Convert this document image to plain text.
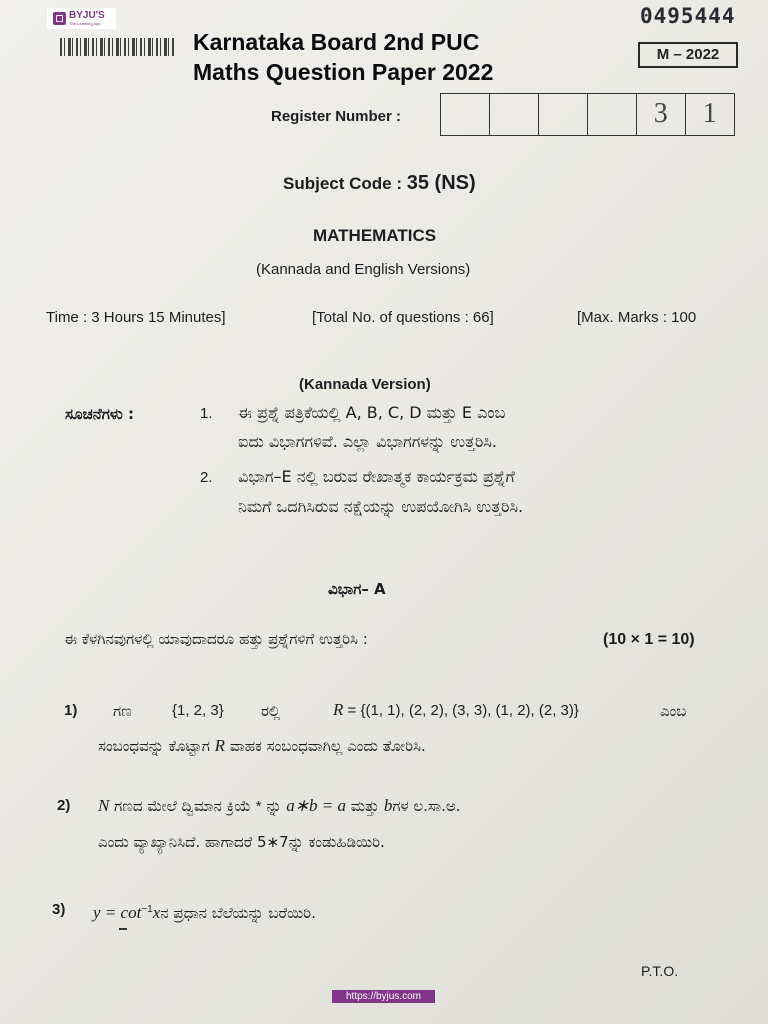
BYJU'S
The Learning App
Karnataka Board 2nd PUC
Maths Question Paper 2022
0495444
M – 2022
Register Number :	3	1
Subject Code : 35 (NS)
MATHEMATICS
(Kannada and English Versions)
Time : 3 Hours 15 Minutes]	[Total No. of questions : 66]	[Max. Marks : 100
(Kannada Version)
ಸೂಚನೆಗಳು :	1. ಈ ಪ್ರಶ್ನೆ ಪತ್ರಿಕೆಯಲ್ಲಿ A, B, C, D ಮತ್ತು E ಎಂಬ
ಐದು ವಿಭಾಗಗಳಿವೆ. ಎಲ್ಲಾ ವಿಭಾಗಗಳನ್ನು ಉತ್ತರಿಸಿ.
2. ವಿಭಾಗ–E ನಲ್ಲಿ ಬರುವ ರೇಖಾತ್ಮಕ ಕಾರ್ಯಕ್ರಮ ಪ್ರಶ್ನೆಗೆ
ನಿಮಗೆ ಒದಗಿಸಿರುವ ನಕ್ಷೆಯನ್ನು ಉಪಯೋಗಿಸಿ ಉತ್ತರಿಸಿ.
ವಿಭಾಗ– A
ಈ ಕೆಳಗಿನವುಗಳಲ್ಲಿ ಯಾವುದಾದರೂ ಹತ್ತು ಪ್ರಶ್ನೆಗಳಿಗೆ ಉತ್ತರಿಸಿ :	(10 × 1 = 10)
1) ಗಣ	{1, 2, 3} ರಲ್ಲಿ	R = {(1, 1), (2, 2), (3, 3), (1, 2), (2, 3)}	ಎಂಬ
ಸಂಬಂಧವನ್ನು ಕೊಟ್ಟಾಗ R ವಾಹಕ ಸಂಬಂಧವಾಗಿಲ್ಲ ಎಂದು ತೋರಿಸಿ.
2) N ಗಣದ ಮೇಲೆ ದ್ವಿಮಾನ ಕ್ರಿಯೆ * ನ್ನು a∗b = a ಮತ್ತು bಗಳ ಲ.ಸಾ.ಅ.
ಎಂದು ವ್ಯಾಖ್ಯಾನಿಸಿದೆ. ಹಾಗಾದರೆ 5∗7ನ್ನು ಕಂಡುಹಿಡಿಯಿರಿ.
3) $y = \cot^{-1}xನ$ ಪ್ರಧಾನ ಬೆಲೆಯನ್ನು ಬರೆಯಿರಿ.
P.T.O.
https://byjus.com
